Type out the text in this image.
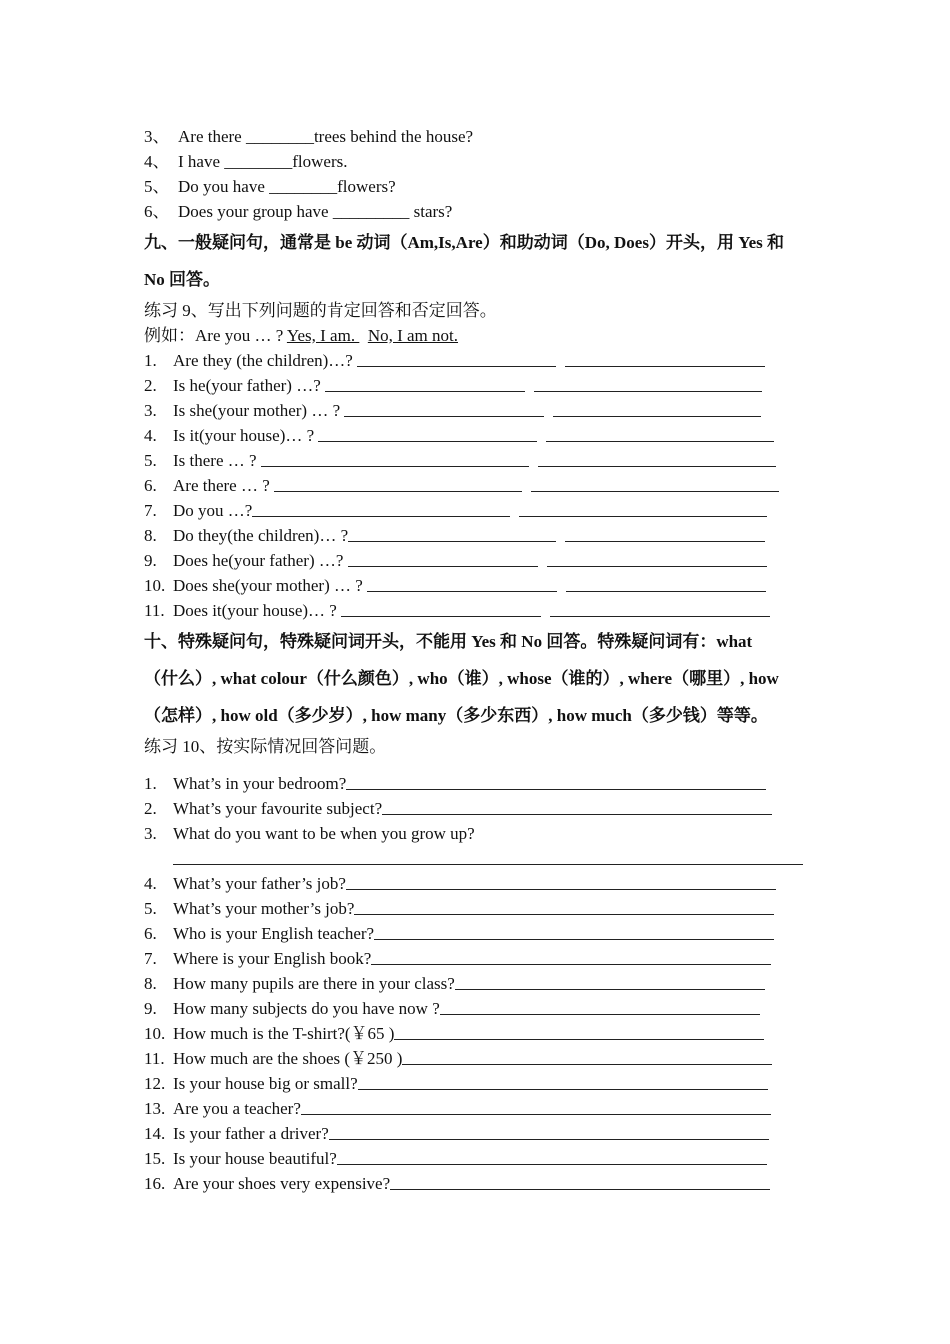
3、 Are there ________trees behind the house?
4、 I have ________flowers.
5、 Do you have ________flowers?
6、 Does your group have _________ stars?
九、一般疑问句，通常是 be 动词（Am,Is,Are）和助动词（Do, Does）开头，用 Yes 和
No 回答。
练习 9、写出下列问题的肯定回答和否定回答。
例如：Are you … ? Yes, I am.   No, I am not.
1. Are they (the children)…?

2. Is he(your father) …?

3. Is she(your mother) … ?

4. Is it(your house)… ?

5. Is there … ?

6. Are there … ?

7. Do you …?
8. Do they(the children)… ?
9. Does he(your father) …?

10. Does she(your mother) … ?

11. Does it(your house)… ?

十、特殊疑问句，特殊疑问词开头，不能用 Yes 和 No 回答。特殊疑问词有：what
（什么）, what colour（什么颜色）, who（谁）, whose（谁的）, where（哪里）, how
（怎样）, how old（多少岁）, how many（多少东西）, how much（多少钱）等等。
练习 10、按实际情况回答问题。
1. What’s in your bedroom?
2. What’s your favourite subject?
3. What do you want to be when you grow up?
4. What’s your father’s job?
5. What’s your mother’s job?
6. Who is your English teacher?
7. Where is your English book?
8. How many pupils are there in your class?
9. How many subjects do you have now ?
10. How much is the T-shirt?(￥65 )
11. How much are the shoes (￥250 )
12. Is your house big or small?
13. Are you a teacher?
14. Is your father a driver?
15. Is your house beautiful?
16. Are your shoes very expensive?
